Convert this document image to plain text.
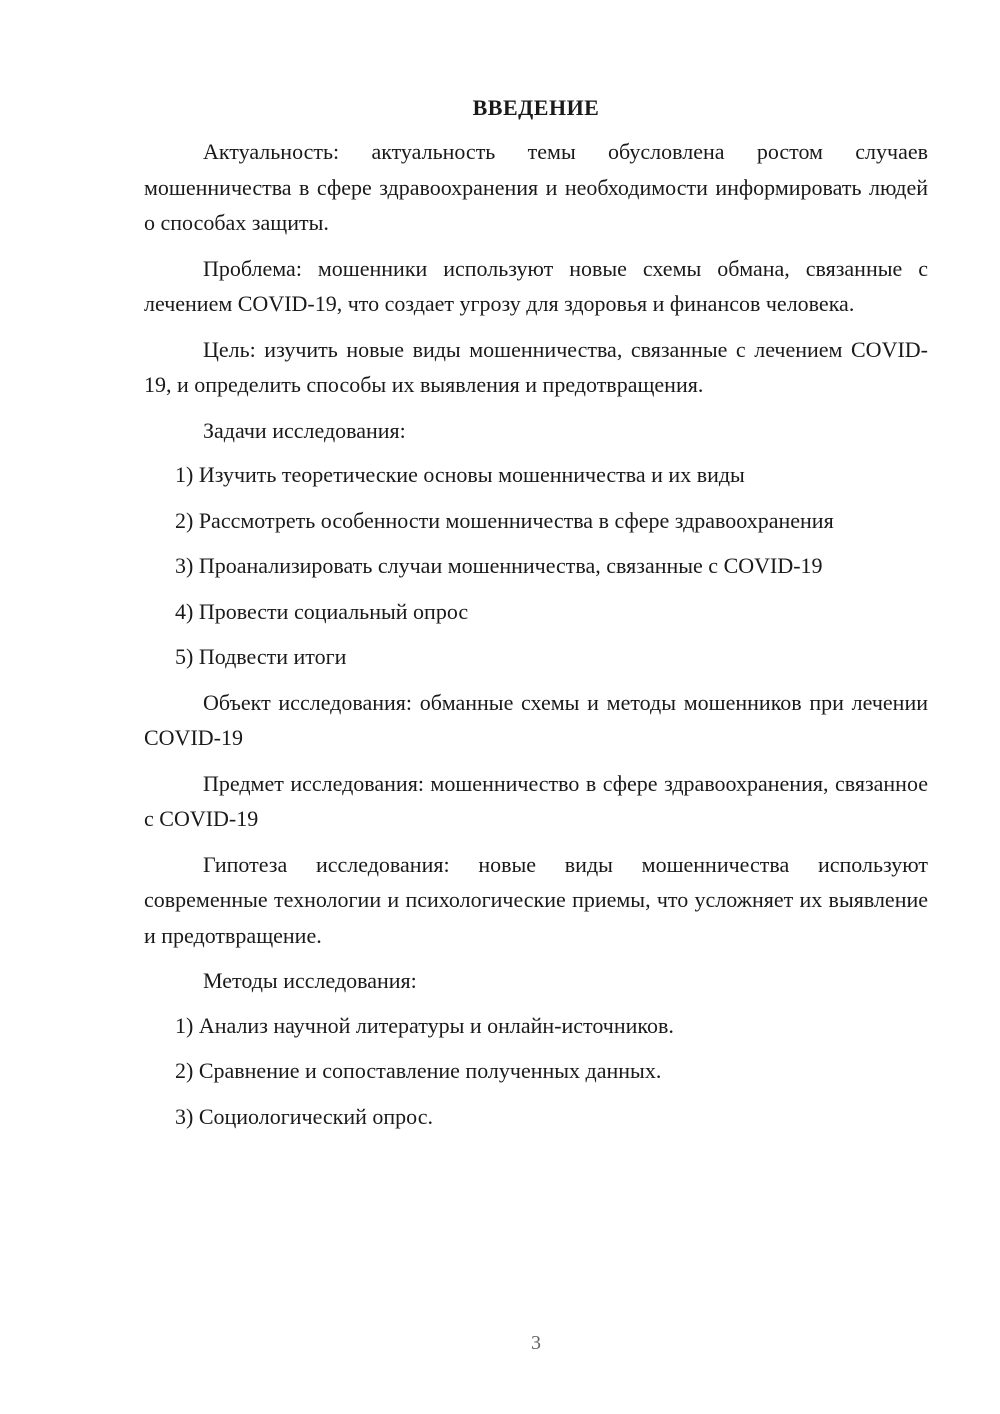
ВВЕДЕНИЕ

Актуальность: актуальность темы обусловлена ростом случаев мошенничества в сфере здравоохранения и необходимости информировать людей о способах защиты.

Проблема: мошенники используют новые схемы обмана, связанные с лечением COVID-19, что создает угрозу для здоровья и финансов человека.

Цель: изучить новые виды мошенничества, связанные с лечением COVID-19, и определить способы их выявления и предотвращения.

Задачи исследования:

1) Изучить теоретические основы мошенничества и их виды
2) Рассмотреть особенности мошенничества в сфере здравоохранения
3) Проанализировать случаи мошенничества, связанные с COVID-19
4) Провести социальный опрос
5) Подвести итоги

Объект исследования: обманные схемы и методы мошенников при лечении COVID-19

Предмет исследования: мошенничество в сфере здравоохранения, связанное с COVID-19

Гипотеза исследования: новые виды мошенничества используют современные технологии и психологические приемы, что усложняет их выявление и предотвращение.

Методы исследования:

1) Анализ научной литературы и онлайн-источников.
2) Сравнение и сопоставление полученных данных.
3) Социологический опрос.
3
